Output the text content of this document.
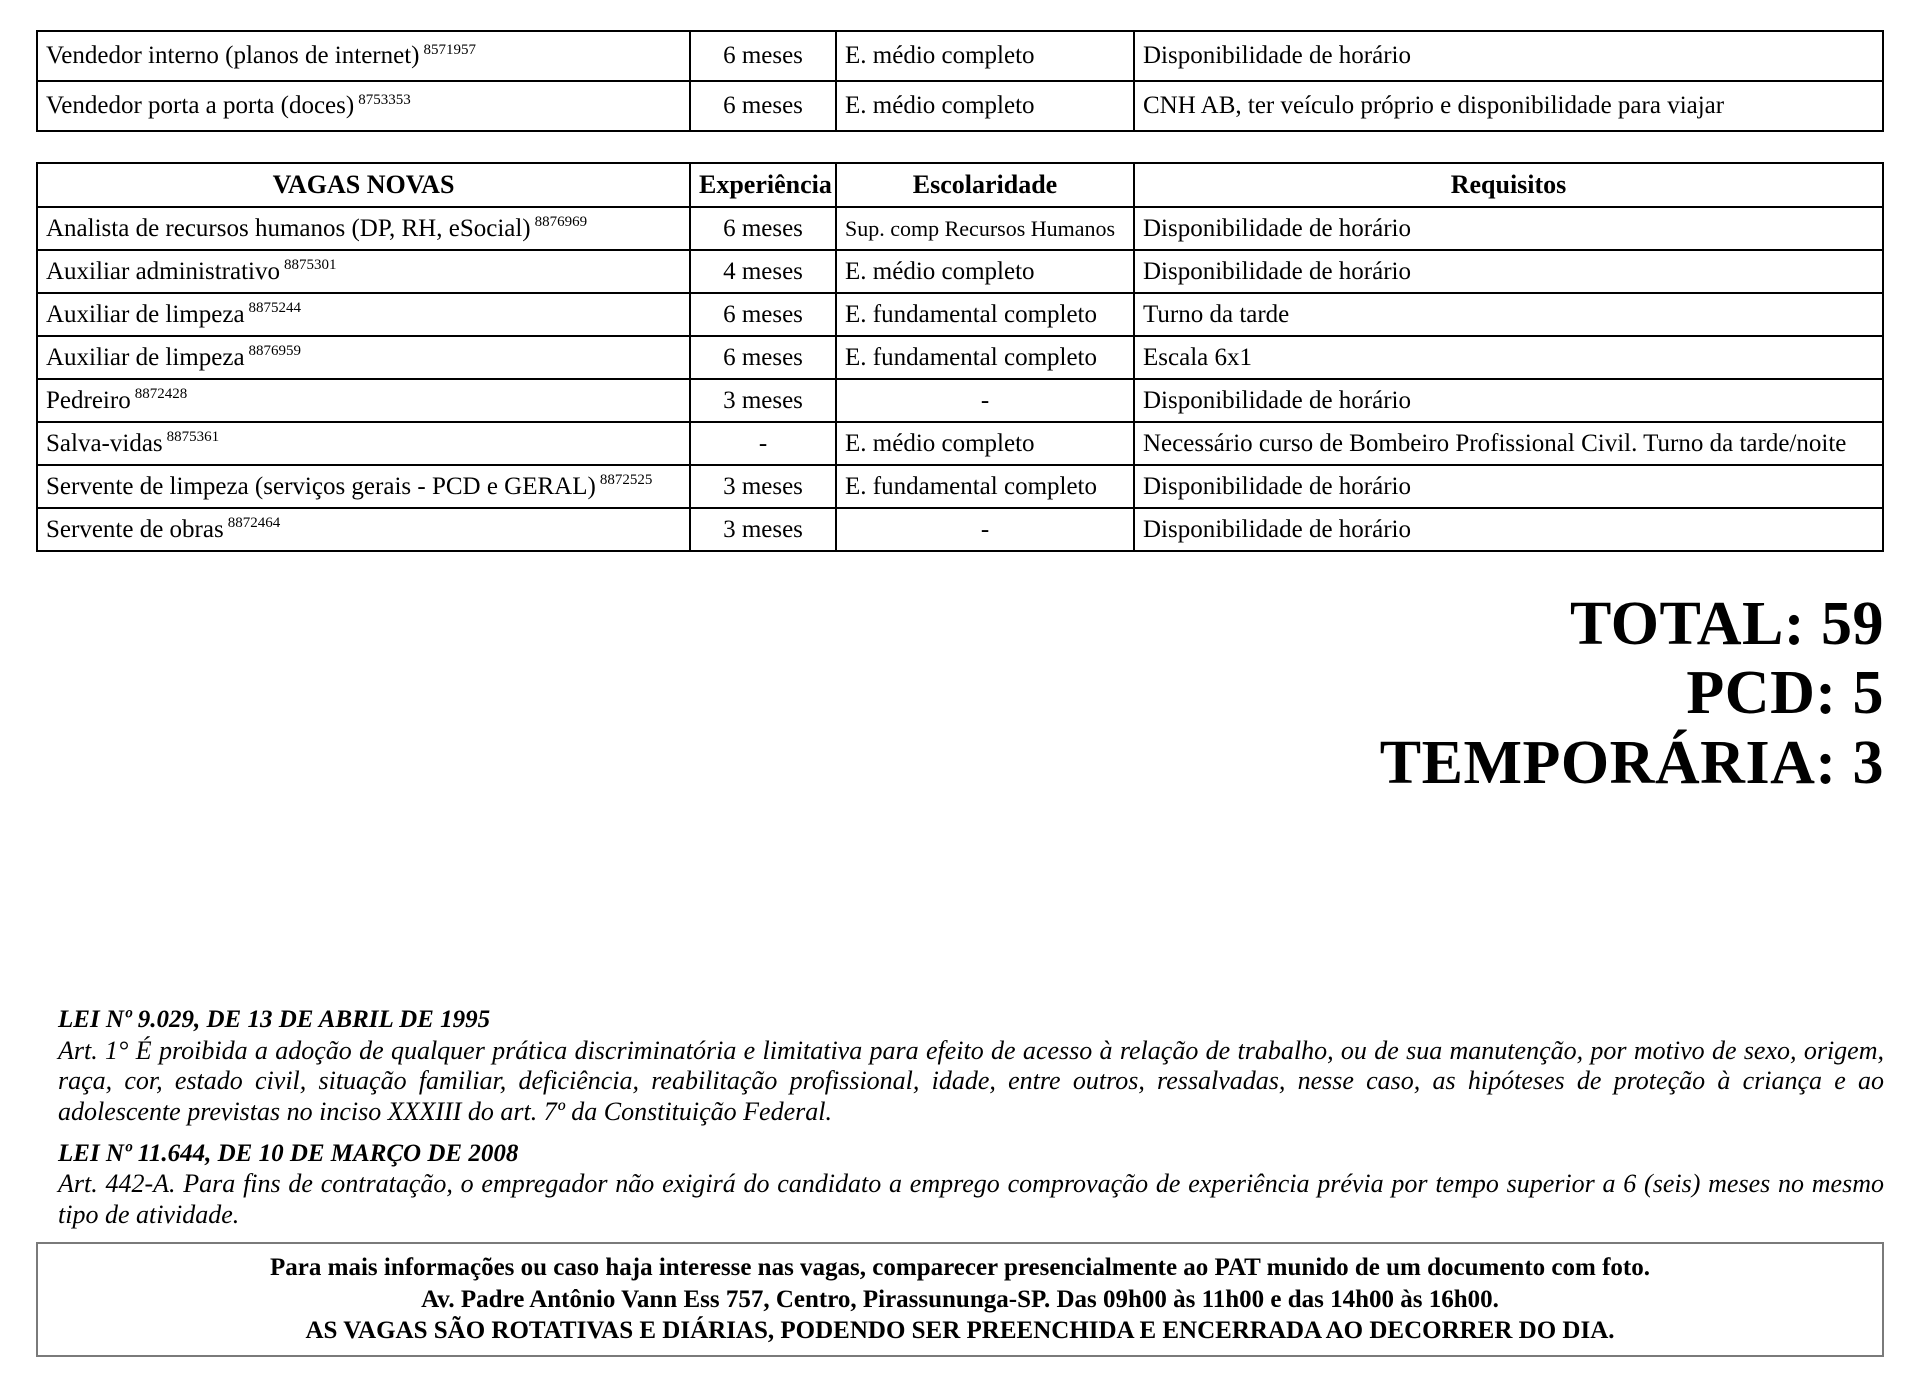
Vendedor interno (planos de internet) $^{8571957}$	6 meses	E. médio completo	Disponibilidade de horário
Vendedor porta a porta (doces) $^{8753353}$	6 meses	E. médio completo	CNH AB, ter veículo próprio e disponibilidade para viajar
VAGAS NOVAS	Experiência	Escolaridade	Requisitos
Analista de recursos humanos (DP, RH, eSocial) $^{8876969}$	6 meses	Sup. comp Recursos Humanos	Disponibilidade de horário
Auxiliar administrativo $^{8875301}$	4 meses	E. médio completo	Disponibilidade de horário
Auxiliar de limpeza $^{8875244}$	6 meses	E. fundamental completo	Turno da tarde
Auxiliar de limpeza $^{8876959}$	6 meses	E. fundamental completo	Escala 6x1
Pedreiro $^{8872428}$	3 meses	-	Disponibilidade de horário
Salva-vidas $^{8875361}$	-	E. médio completo	Necessário curso de Bombeiro Profissional Civil. Turno da tarde/noite
Servente de limpeza (serviços gerais - PCD e GERAL) $^{8872525}$	3 meses	E. fundamental completo	Disponibilidade de horário
Servente de obras $^{8872464}$	3 meses	-	Disponibilidade de horário
TOTAL: 59
PCD: 5
TEMPORÁRIA: 3
LEI Nº 9.029, DE 13 DE ABRIL DE 1995
Art. 1° É proibida a adoção de qualquer prática discriminatória e limitativa para efeito de acesso à relação de trabalho, ou de sua manutenção, por motivo de sexo, origem, raça, cor, estado civil, situação familiar, deficiência, reabilitação profissional, idade, entre outros, ressalvadas, nesse caso, as hipóteses de proteção à criança e ao adolescente previstas no inciso XXXIII do art. 7º da Constituição Federal.
LEI Nº 11.644, DE 10 DE MARÇO DE 2008
Art. 442-A. Para fins de contratação, o empregador não exigirá do candidato a emprego comprovação de experiência prévia por tempo superior a 6 (seis) meses no mesmo tipo de atividade.
Para mais informações ou caso haja interesse nas vagas, comparecer presencialmente ao PAT munido de um documento com foto.
Av. Padre Antônio Vann Ess 757, Centro, Pirassununga-SP. Das 09h00 às 11h00 e das 14h00 às 16h00.
AS VAGAS SÃO ROTATIVAS E DIÁRIAS, PODENDO SER PREENCHIDA E ENCERRADA AO DECORRER DO DIA.
